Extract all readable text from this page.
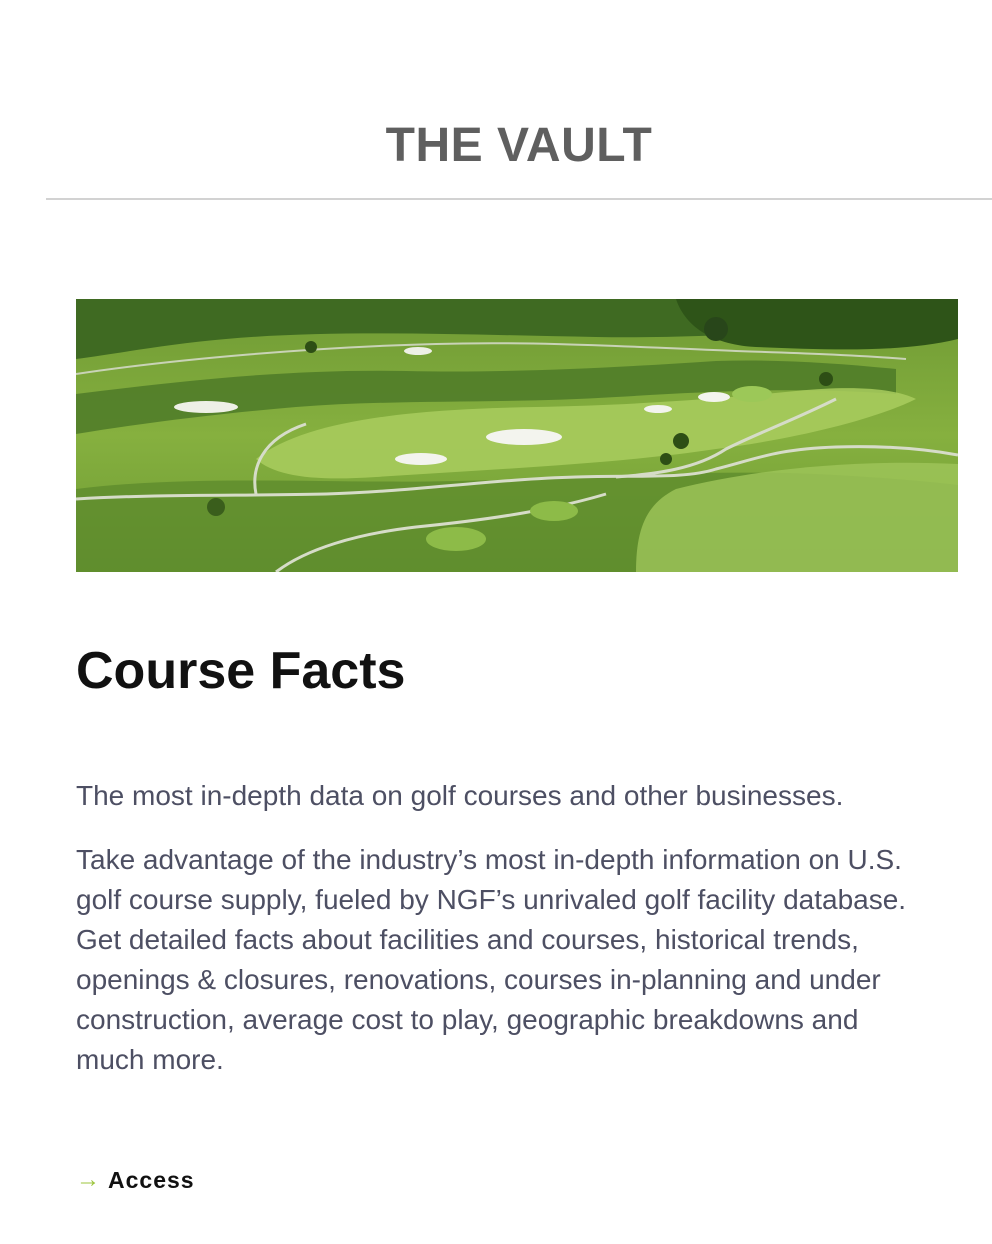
THE VAULT
Course Facts

The most in-depth data on golf courses and other businesses.

Take advantage of the industry’s most in-depth information on U.S. golf course supply, fueled by NGF’s unrivaled golf facility database. Get detailed facts about facilities and courses, historical trends, openings & closures, renovations, courses in-planning and under construction, average cost to play, geographic breakdowns and much more.

→ Access
